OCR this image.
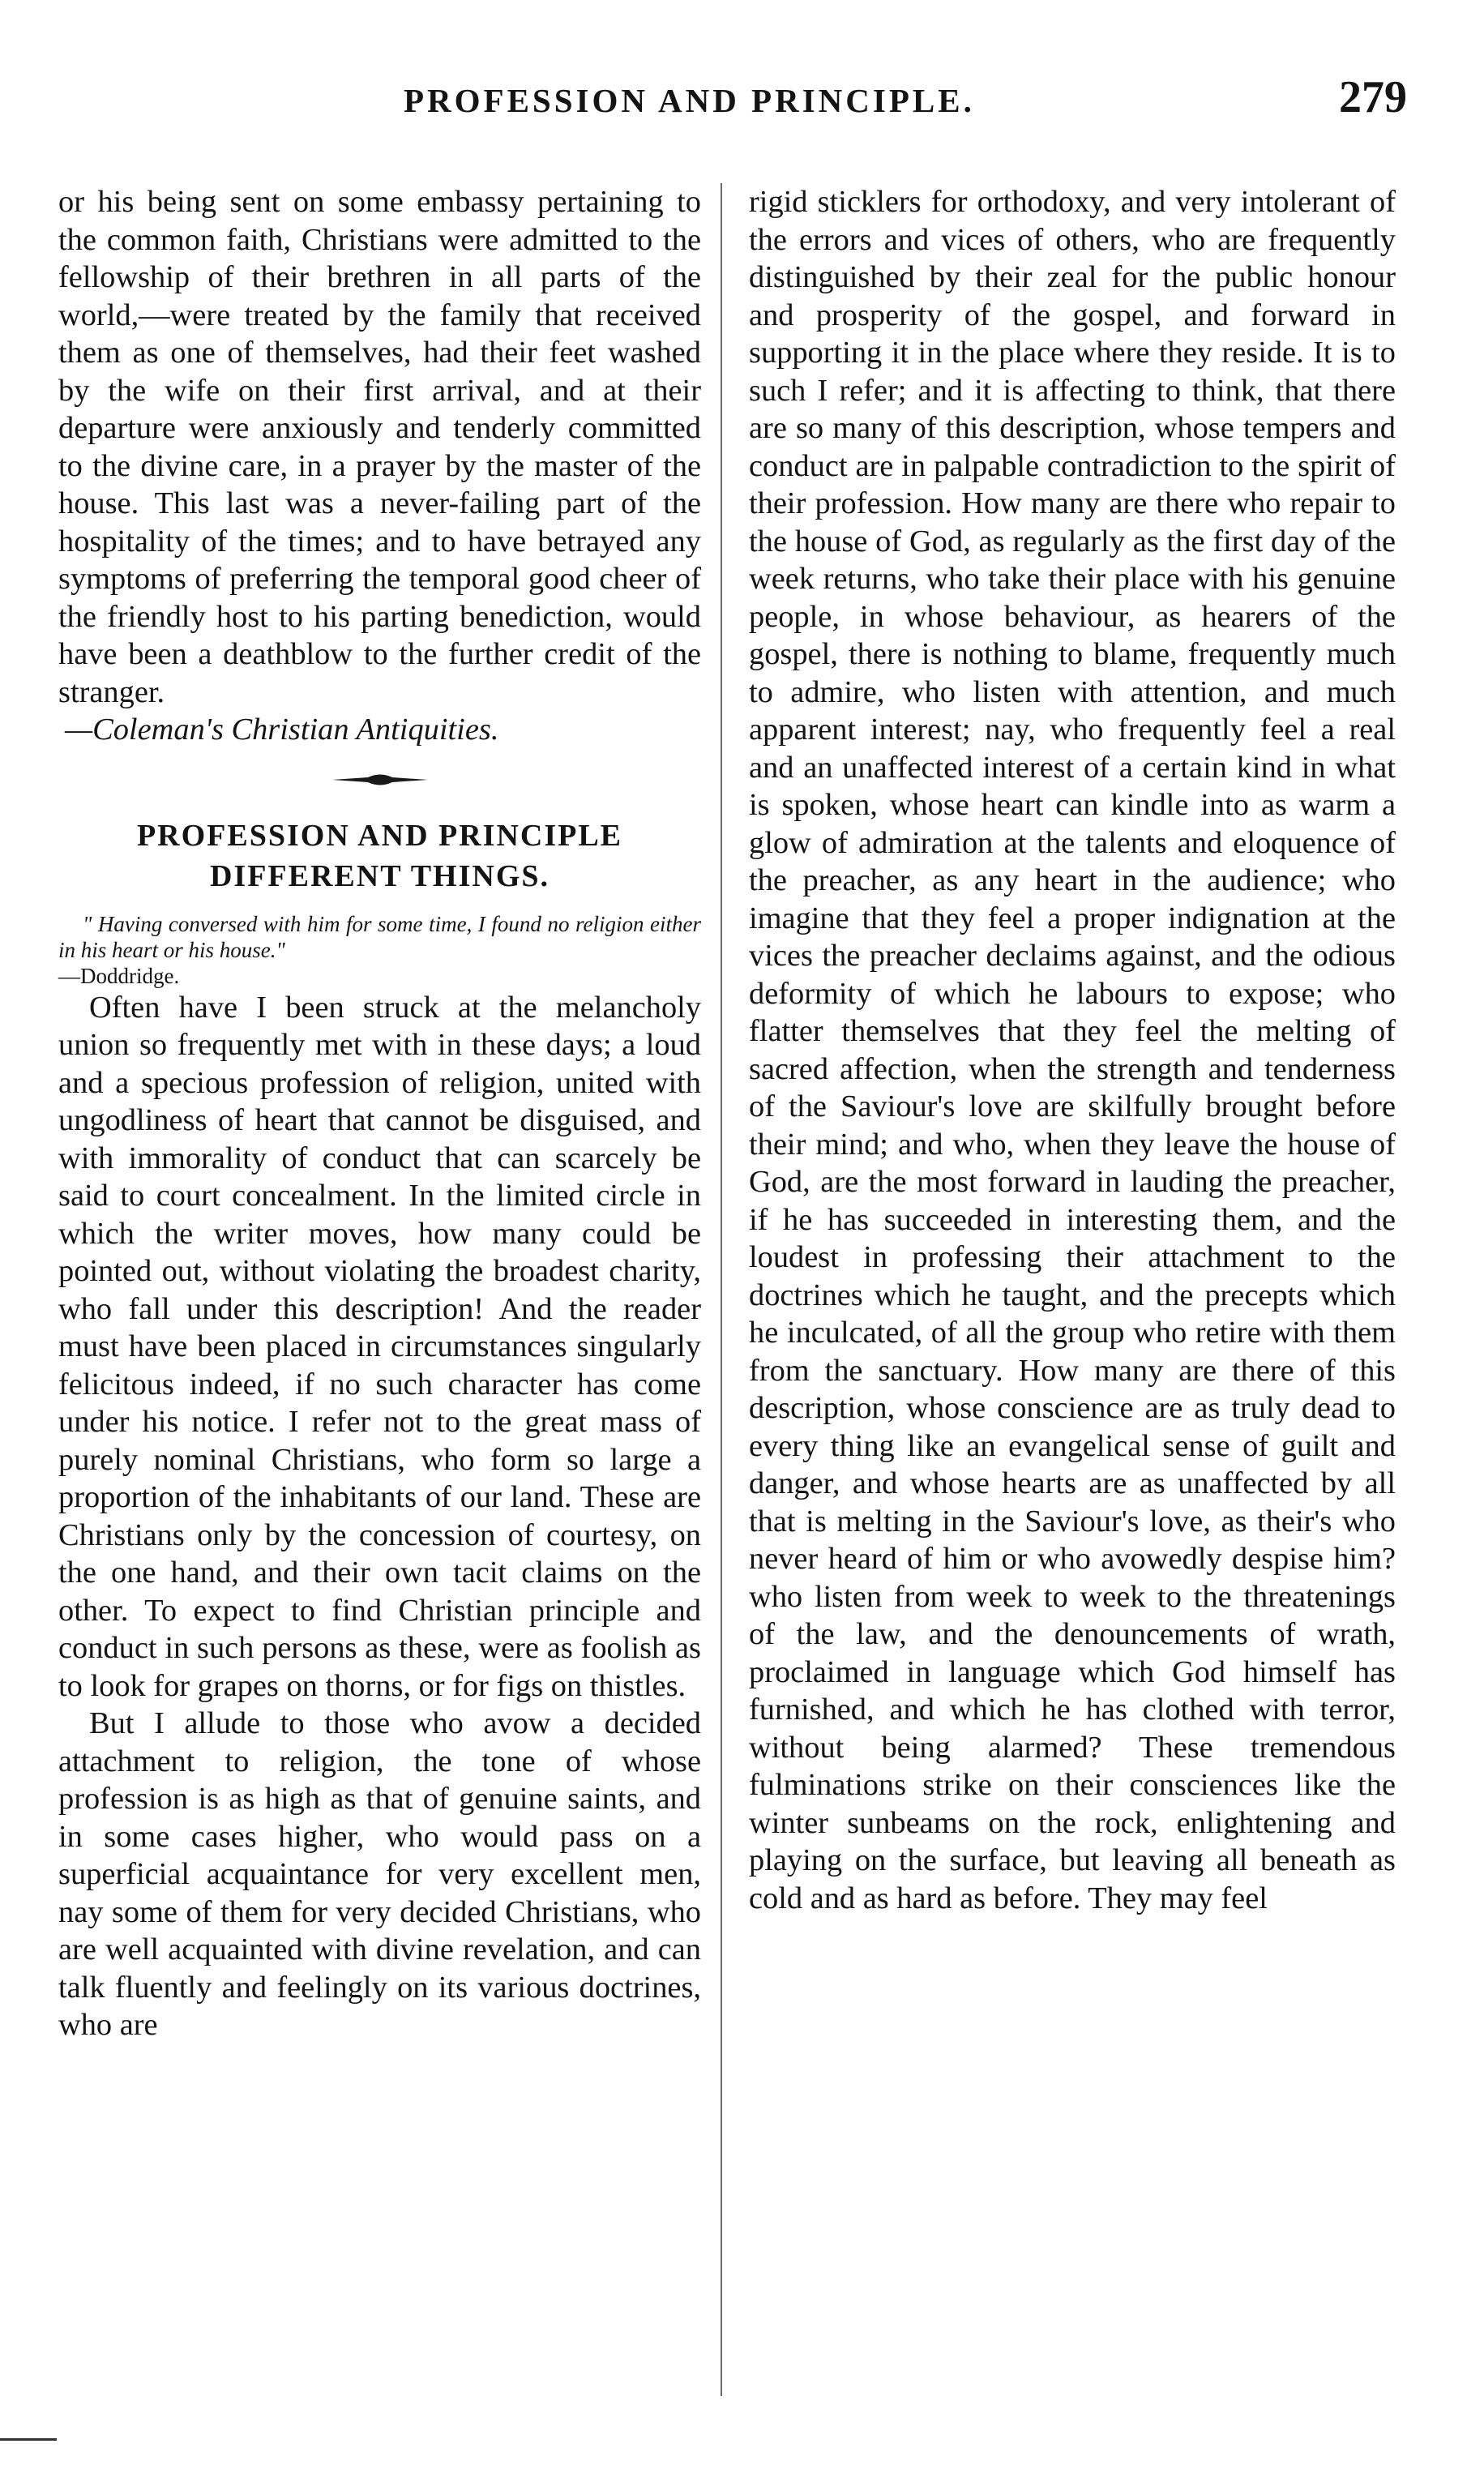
PROFESSION AND PRINCIPLE.	279

or his being sent on some embassy pertaining to the common faith, Christians were admitted to the fellowship of their brethren in all parts of the world,—were treated by the family that received them as one of themselves, had their feet washed by the wife on their first arrival, and at their departure were anxiously and tenderly committed to the divine care, in a prayer by the master of the house. This last was a never-failing part of the hospitality of the times; and to have betrayed any symptoms of preferring the temporal good cheer of the friendly host to his parting benediction, would have been a deathblow to the further credit of the stranger.

—Coleman's Christian Antiquities.

PROFESSION AND PRINCIPLE DIFFERENT THINGS.

" Having conversed with him for some time, I found no religion either in his heart or his house."

—Doddridge.

Often have I been struck at the melancholy union so frequently met with in these days; a loud and a specious profession of religion, united with ungodliness of heart that cannot be disguised, and with immorality of conduct that can scarcely be said to court concealment. In the limited circle in which the writer moves, how many could be pointed out, without violating the broadest charity, who fall under this description! And the reader must have been placed in circumstances singularly felicitous indeed, if no such character has come under his notice. I refer not to the great mass of purely nominal Christians, who form so large a proportion of the inhabitants of our land. These are Christians only by the concession of courtesy, on the one hand, and their own tacit claims on the other. To expect to find Christian principle and conduct in such persons as these, were as foolish as to look for grapes on thorns, or for figs on thistles.

But I allude to those who avow a decided attachment to religion, the tone of whose profession is as high as that of genuine saints, and in some cases higher, who would pass on a superficial acquaintance for very excellent men, nay some of them for very decided Christians, who are well acquainted with divine revelation, and can talk fluently and feelingly on its various doctrines, who are

rigid sticklers for orthodoxy, and very intolerant of the errors and vices of others, who are frequently distinguished by their zeal for the public honour and prosperity of the gospel, and forward in supporting it in the place where they reside. It is to such I refer; and it is affecting to think, that there are so many of this description, whose tempers and conduct are in palpable contradiction to the spirit of their profession. How many are there who repair to the house of God, as regularly as the first day of the week returns, who take their place with his genuine people, in whose behaviour, as hearers of the gospel, there is nothing to blame, frequently much to admire, who listen with attention, and much apparent interest; nay, who frequently feel a real and an unaffected interest of a certain kind in what is spoken, whose heart can kindle into as warm a glow of admiration at the talents and eloquence of the preacher, as any heart in the audience; who imagine that they feel a proper indignation at the vices the preacher declaims against, and the odious deformity of which he labours to expose; who flatter themselves that they feel the melting of sacred affection, when the strength and tenderness of the Saviour's love are skilfully brought before their mind; and who, when they leave the house of God, are the most forward in lauding the preacher, if he has succeeded in interesting them, and the loudest in professing their attachment to the doctrines which he taught, and the precepts which he inculcated, of all the group who retire with them from the sanctuary. How many are there of this description, whose conscience are as truly dead to every thing like an evangelical sense of guilt and danger, and whose hearts are as unaffected by all that is melting in the Saviour's love, as their's who never heard of him or who avowedly despise him? who listen from week to week to the threatenings of the law, and the denouncements of wrath, proclaimed in language which God himself has furnished, and which he has clothed with terror, without being alarmed? These tremendous fulminations strike on their consciences like the winter sunbeams on the rock, enlightening and playing on the surface, but leaving all beneath as cold and as hard as before. They may feel
